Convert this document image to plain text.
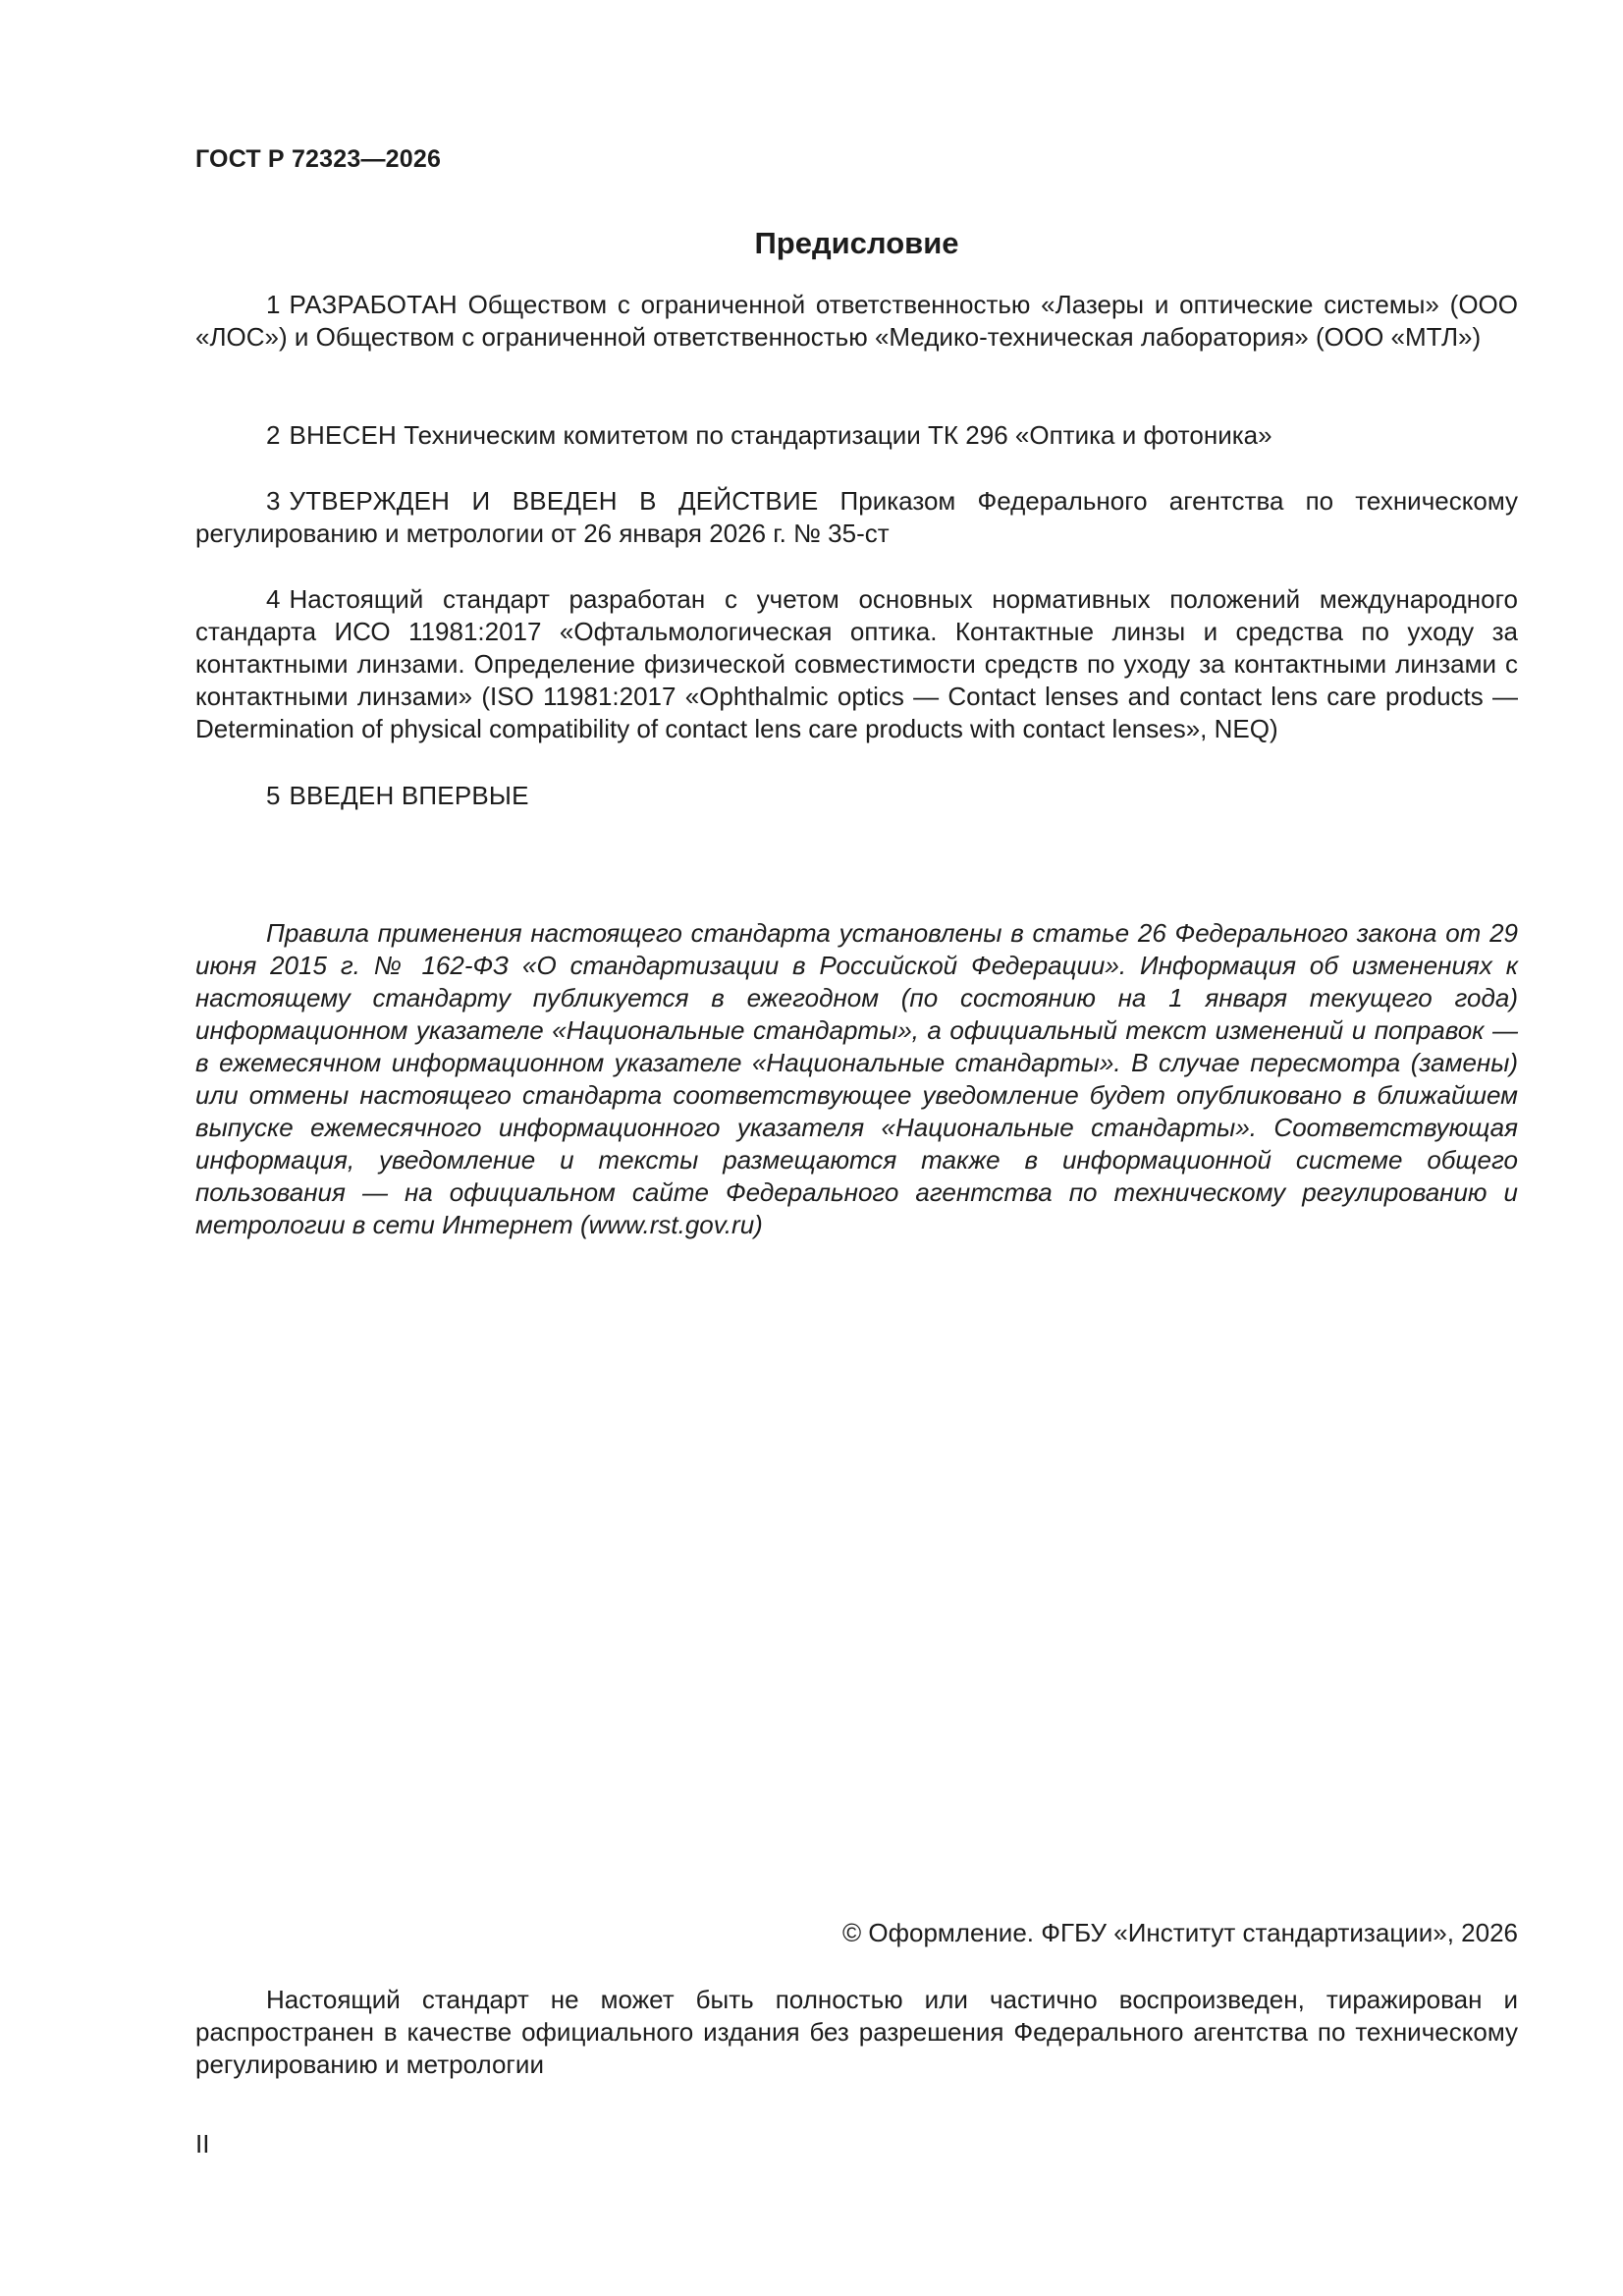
ГОСТ Р 72323—2026
Предисловие
1 РАЗРАБОТАН Обществом с ограниченной ответственностью «Лазеры и оптические системы» (ООО «ЛОС») и Обществом с ограниченной ответственностью «Медико-техническая лаборатория» (ООО «МТЛ»)
2 ВНЕСЕН Техническим комитетом по стандартизации ТК 296 «Оптика и фотоника»
3 УТВЕРЖДЕН И ВВЕДЕН В ДЕЙСТВИЕ Приказом Федерального агентства по техническому регулированию и метрологии от 26 января 2026 г. № 35-ст
4 Настоящий стандарт разработан с учетом основных нормативных положений международного стандарта ИСО 11981:2017 «Офтальмологическая оптика. Контактные линзы и средства по уходу за контактными линзами. Определение физической совместимости средств по уходу за контактными линзами с контактными линзами» (ISO 11981:2017 «Ophthalmic optics — Contact lenses and contact lens care products — Determination of physical compatibility of contact lens care products with contact lenses», NEQ)
5 ВВЕДЕН ВПЕРВЫЕ
Правила применения настоящего стандарта установлены в статье 26 Федерального закона от 29 июня 2015 г. № 162-ФЗ «О стандартизации в Российской Федерации». Информация об изменениях к настоящему стандарту публикуется в ежегодном (по состоянию на 1 января текущего года) информационном указателе «Национальные стандарты», а официальный текст изменений и поправок — в ежемесячном информационном указателе «Национальные стандарты». В случае пересмотра (замены) или отмены настоящего стандарта соответствующее уведомление будет опубликовано в ближайшем выпуске ежемесячного информационного указателя «Национальные стандарты». Соответствующая информация, уведомление и тексты размещаются также в информационной системе общего пользования — на официальном сайте Федерального агентства по техническому регулированию и метрологии в сети Интернет (www.rst.gov.ru)
© Оформление. ФГБУ «Институт стандартизации», 2026
Настоящий стандарт не может быть полностью или частично воспроизведен, тиражирован и распространен в качестве официального издания без разрешения Федерального агентства по техническому регулированию и метрологии
II
